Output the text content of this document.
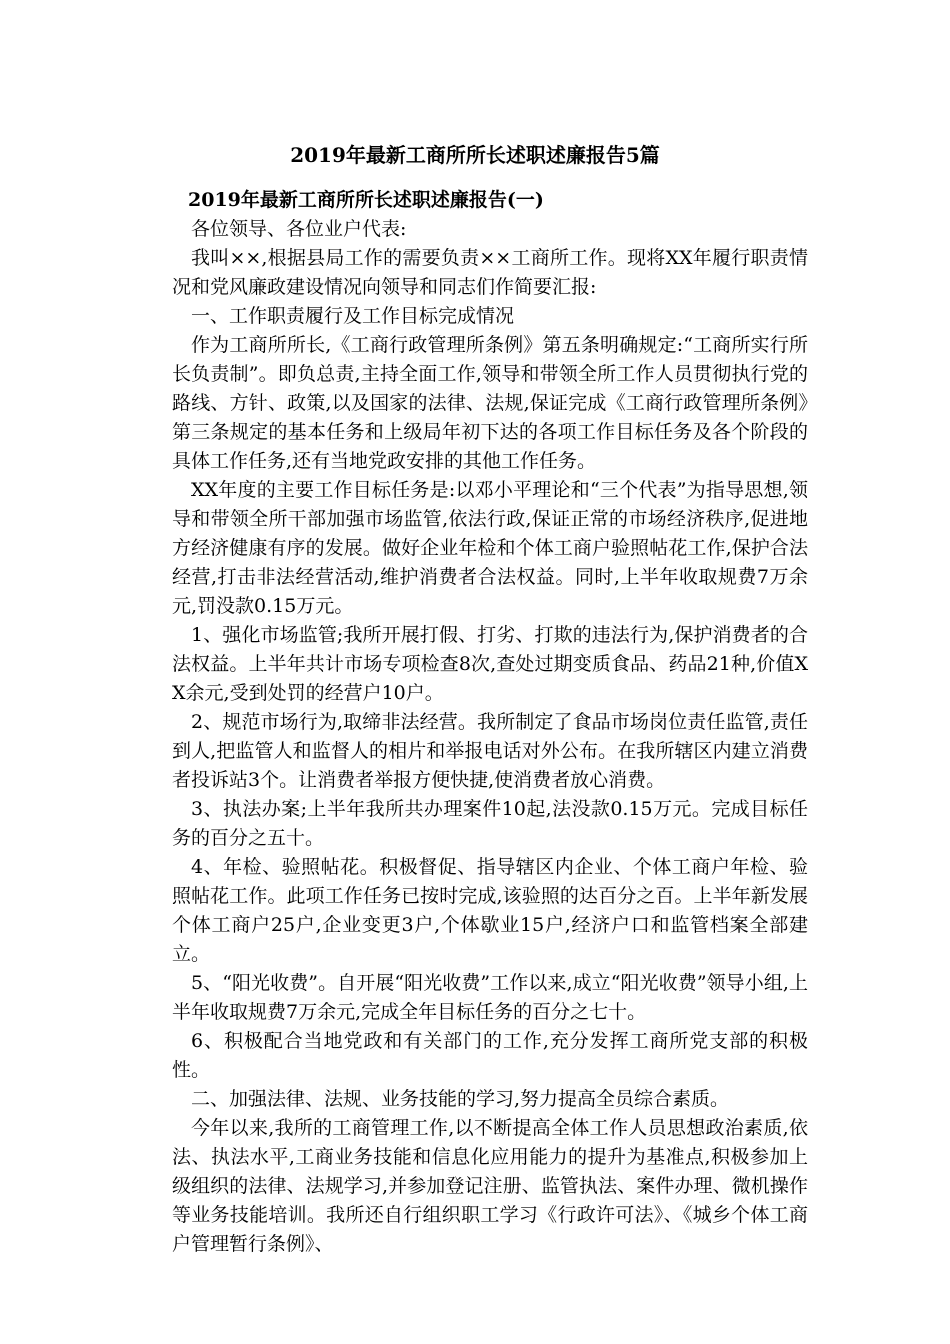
2019年最新工商所所长述职述廉报告5篇

2019年最新工商所所长述职述廉报告(一)

各位领导、各位业户代表:

我叫××,根据县局工作的需要负责××工商所工作。现将XX年履行职责情况和党风廉政建设情况向领导和同志们作简要汇报:

一、工作职责履行及工作目标完成情况

作为工商所所长,《工商行政管理所条例》第五条明确规定:“工商所实行所长负责制”。即负总责,主持全面工作,领导和带领全所工作人员贯彻执行党的路线、方针、政策,以及国家的法律、法规,保证完成《工商行政管理所条例》第三条规定的基本任务和上级局年初下达的各项工作目标任务及各个阶段的具体工作任务,还有当地党政安排的其他工作任务。

XX年度的主要工作目标任务是:以邓小平理论和“三个代表”为指导思想,领导和带领全所干部加强市场监管,依法行政,保证正常的市场经济秩序,促进地方经济健康有序的发展。做好企业年检和个体工商户验照帖花工作,保护合法经营,打击非法经营活动,维护消费者合法权益。同时,上半年收取规费7万余元,罚没款0.15万元。

1、强化市场监管;我所开展打假、打劣、打欺的违法行为,保护消费者的合法权益。上半年共计市场专项检查8次,查处过期变质食品、药品21种,价值XX余元,受到处罚的经营户10户。

2、规范市场行为,取缔非法经营。我所制定了食品市场岗位责任监管,责任到人,把监管人和监督人的相片和举报电话对外公布。在我所辖区内建立消费者投诉站3个。让消费者举报方便快捷,使消费者放心消费。

3、执法办案;上半年我所共办理案件10起,法没款0.15万元。完成目标任务的百分之五十。

4、年检、验照帖花。积极督促、指导辖区内企业、个体工商户年检、验照帖花工作。此项工作任务已按时完成,该验照的达百分之百。上半年新发展个体工商户25户,企业变更3户,个体歇业15户,经济户口和监管档案全部建立。

5、“阳光收费”。自开展“阳光收费”工作以来,成立“阳光收费”领导小组,上半年收取规费7万余元,完成全年目标任务的百分之七十。

6、积极配合当地党政和有关部门的工作,充分发挥工商所党支部的积极性。

二、加强法律、法规、业务技能的学习,努力提高全员综合素质。

今年以来,我所的工商管理工作,以不断提高全体工作人员思想政治素质,依法、执法水平,工商业务技能和信息化应用能力的提升为基准点,积极参加上级组织的法律、法规学习,并参加登记注册、监管执法、案件办理、微机操作等业务技能培训。我所还自行组织职工学习《行政许可法》、《城乡个体工商户管理暂行条例》、
